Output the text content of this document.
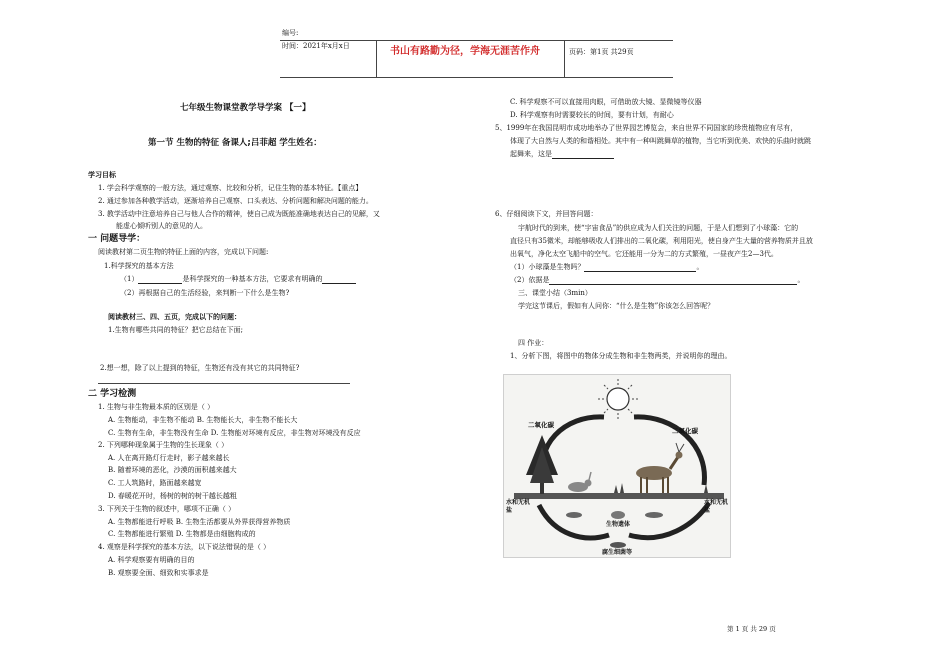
编号:
时间：2021年x月x日	书山有路勤为径，学海无涯苦作舟	页码：第1页 共29页
七年级生物课堂教学导学案 【一】
第一节 生物的特征 备课人;吕菲超 学生姓名：
学习目标
1. 学会科学观察的一般方法，通过观察、比较和分析，记住生物的基本特征。【重点】
2. 通过参加各种教学活动，逐渐培养自己观察、口头表达、分析问题和解决问题的能力。
3. 教学活动中注意培养自己与他人合作的精神，使自己成为既能准确地表达自己的见解，又
能虚心倾听别人的意见的人。
一 问题导学：
阅读教材第二页生物的特征上面的内容，完成以下问题:
1.科学探究的基本方法
（1）	是科学探究的一种基本方法，它要求有明确的
（2）再根据自己的生活经验，来判断一下什么是生物?
阅读教材三、四、五页，完成以下的问题：
1.生物有哪些共同的特征？把它总结在下面;
2.想一想，除了以上提到的特征，生物还有没有其它的共同特征?
二 学习检测
1. 生物与非生物最本质的区别是（ ）
A. 生物能动，非生物不能动 B. 生物能长大，非生物不能长大
C. 生物有生命，非生物没有生命 D. 生物能对环境有反应，非生物对环境没有反应
2. 下列哪种现象属于生物的生长现象（ ）
A. 人在离开路灯行走时，影子越来越长
B. 随着环境的恶化，沙漠的面积越来越大
C. 工人筑路时，路面越来越宽
D. 春暖花开时，杨树的树的树干越长越粗
3. 下列关于生物的叙述中，哪项不正确（ ）
A. 生物都能进行呼吸 B. 生物生活都要从外界获得营养物质
C. 生物都能进行繁殖 D. 生物都是由细胞构成的
4. 观察是科学探究的基本方法，以下说法错误的是（ ）
A. 科学观察要有明确的目的
B. 观察要全面、细致和实事求是
C. 科学观察不可以直接用肉眼，可借助放大镜、显微镜等仪器
D. 科学观察有时需要较长的时间，要有计划，有耐心
5、1999年在我国昆明市成功地举办了世界园艺博览会，来自世界不同国家的珍贵植物应有尽有，
体现了大自然与人类的和谐相处。其中有一种叫跳舞草的植物，当它听到优美、欢快的乐曲时就跳
起舞来，这是
6、仔细阅读下文，并回答问题：
宇航时代的到来，使“宇宙食品”的供应成为人们关注的问题，于是人们想到了小球藻：它的
直径只有35微米，却能够吸收人们排出的二氧化碳，利用阳光，使自身产生大量的营养物质并且放
出氧气，净化太空飞船中的空气。它还能用一分为二的方式繁殖，一昼夜产生2—3代。
（1）小球藻是生物吗？	。
（2）依据是	。
三、课堂小结（3min）
学完这节课后，假如有人问你：“什么是生物”你该怎么回答呢？
四 作业：
1、分析下图，将图中的物体分成生物和非生物两类，并说明你的理由。
二氧化碳
二氧化碳
水和无机盐
水和无机盐
生物遗体
腐生细菌等
第 1 页 共 29 页
